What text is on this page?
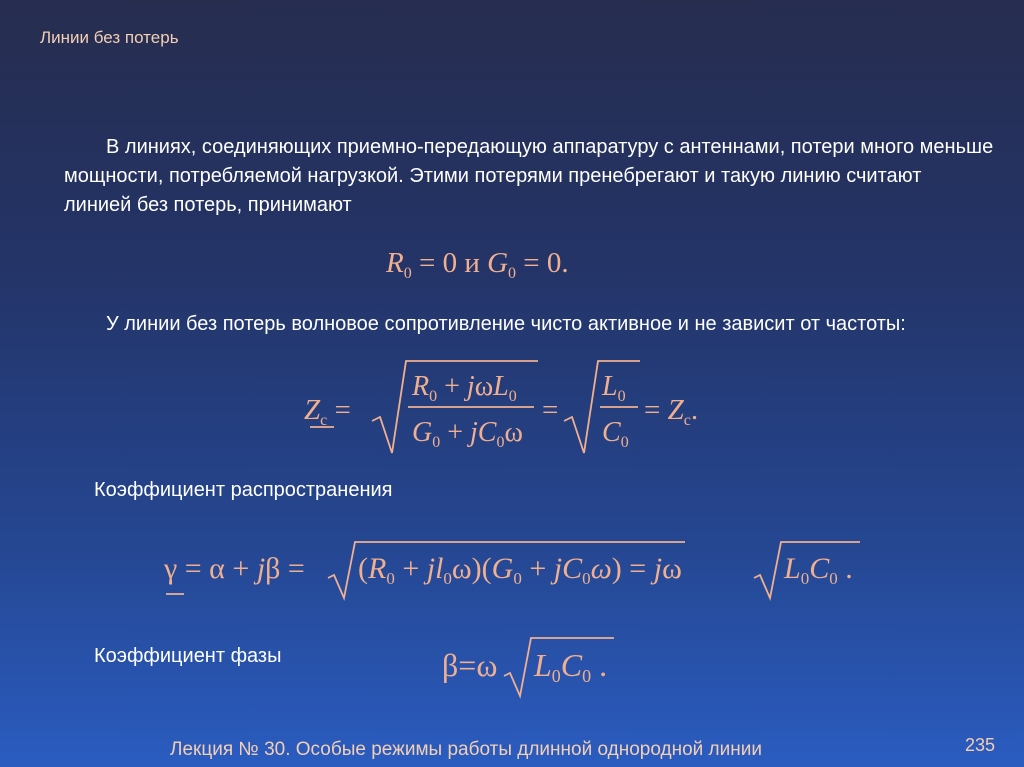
Линии без потерь
В линиях, соединяющих приемно-передающую аппаратуру с антеннами, потери много меньше мощности, потребляемой нагрузкой. Этими потерями пренебрегают и такую линию считают линией без потерь, принимают
$R_0 = 0$ и $G_0 = 0$.
У линии без потерь волновое сопротивление чисто активное и не зависит от частоты:
$Z_c$ =
$R_0 + j\omega L_0$
$G_0 + jC_0\omega$
=
$L_0$
$C_0$
= $Z_c$.
Коэффициент распространения
$\gamma = \alpha + j\beta = (R_0 + jl_0\omega)(G_0 + jC_0\omega) = j\omega$	$L_0C_0$ .
Коэффициент фазы	β=ω L0C0 .
Лекция № 30. Особые режимы работы длинной однородной линии	235
